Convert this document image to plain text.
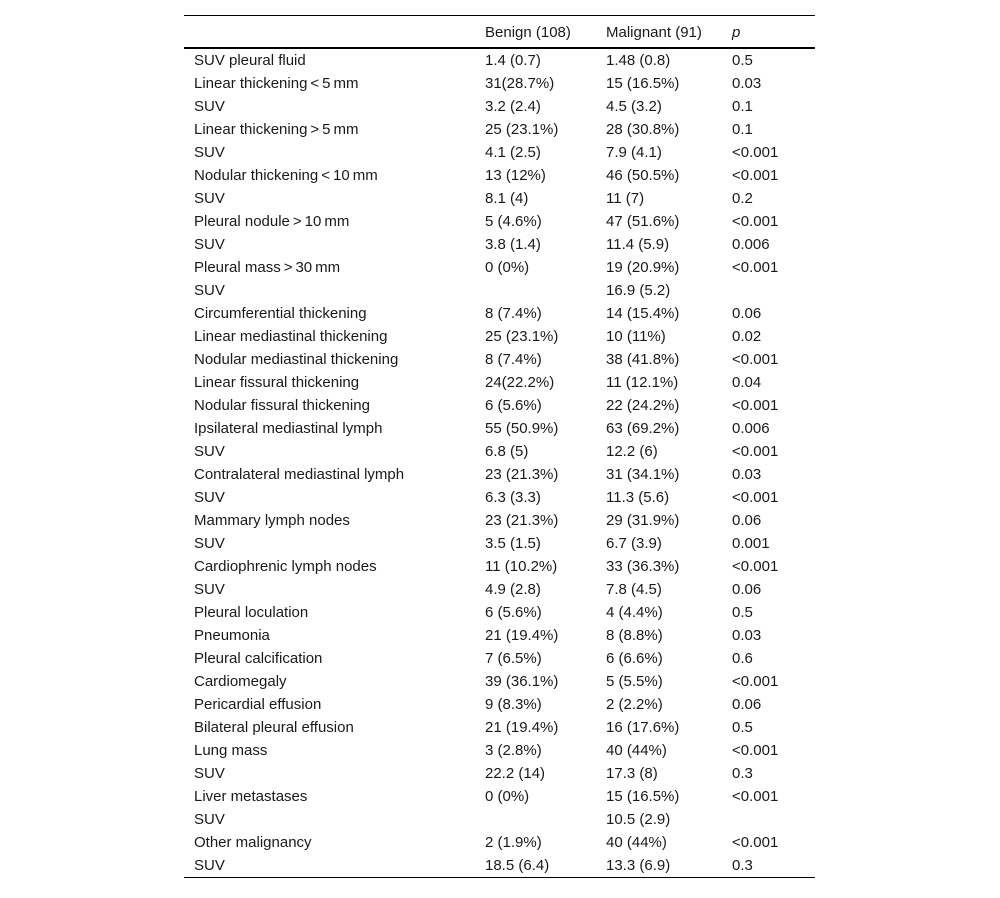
	Benign (108)	Malignant (91)	p
SUV pleural fluid	1.4 (0.7)	1.48 (0.8)	0.5
Linear thickening < 5 mm	31(28.7%)	15 (16.5%)	0.03
SUV	3.2 (2.4)	4.5 (3.2)	0.1
Linear thickening > 5 mm	25 (23.1%)	28 (30.8%)	0.1
SUV	4.1 (2.5)	7.9 (4.1)	<0.001
Nodular thickening < 10 mm	13 (12%)	46 (50.5%)	<0.001
SUV	8.1 (4)	11 (7)	0.2
Pleural nodule > 10 mm	5 (4.6%)	47 (51.6%)	<0.001
SUV	3.8 (1.4)	11.4 (5.9)	0.006
Pleural mass > 30 mm	0 (0%)	19 (20.9%)	<0.001
SUV		16.9 (5.2)	
Circumferential thickening	8 (7.4%)	14 (15.4%)	0.06
Linear mediastinal thickening	25 (23.1%)	10 (11%)	0.02
Nodular mediastinal thickening	8 (7.4%)	38 (41.8%)	<0.001
Linear fissural thickening	24(22.2%)	11 (12.1%)	0.04
Nodular fissural thickening	6 (5.6%)	22 (24.2%)	<0.001
Ipsilateral mediastinal lymph	55 (50.9%)	63 (69.2%)	0.006
SUV	6.8 (5)	12.2 (6)	<0.001
Contralateral mediastinal lymph	23 (21.3%)	31 (34.1%)	0.03
SUV	6.3 (3.3)	11.3 (5.6)	<0.001
Mammary lymph nodes	23 (21.3%)	29 (31.9%)	0.06
SUV	3.5 (1.5)	6.7 (3.9)	0.001
Cardiophrenic lymph nodes	11 (10.2%)	33 (36.3%)	<0.001
SUV	4.9 (2.8)	7.8 (4.5)	0.06
Pleural loculation	6 (5.6%)	4 (4.4%)	0.5
Pneumonia	21 (19.4%)	8 (8.8%)	0.03
Pleural calcification	7 (6.5%)	6 (6.6%)	0.6
Cardiomegaly	39 (36.1%)	5 (5.5%)	<0.001
Pericardial effusion	9 (8.3%)	2 (2.2%)	0.06
Bilateral pleural effusion	21 (19.4%)	16 (17.6%)	0.5
Lung mass	3 (2.8%)	40 (44%)	<0.001
SUV	22.2 (14)	17.3 (8)	0.3
Liver metastases	0 (0%)	15 (16.5%)	<0.001
SUV		10.5 (2.9)	
Other malignancy	2 (1.9%)	40 (44%)	<0.001
SUV	18.5 (6.4)	13.3 (6.9)	0.3
